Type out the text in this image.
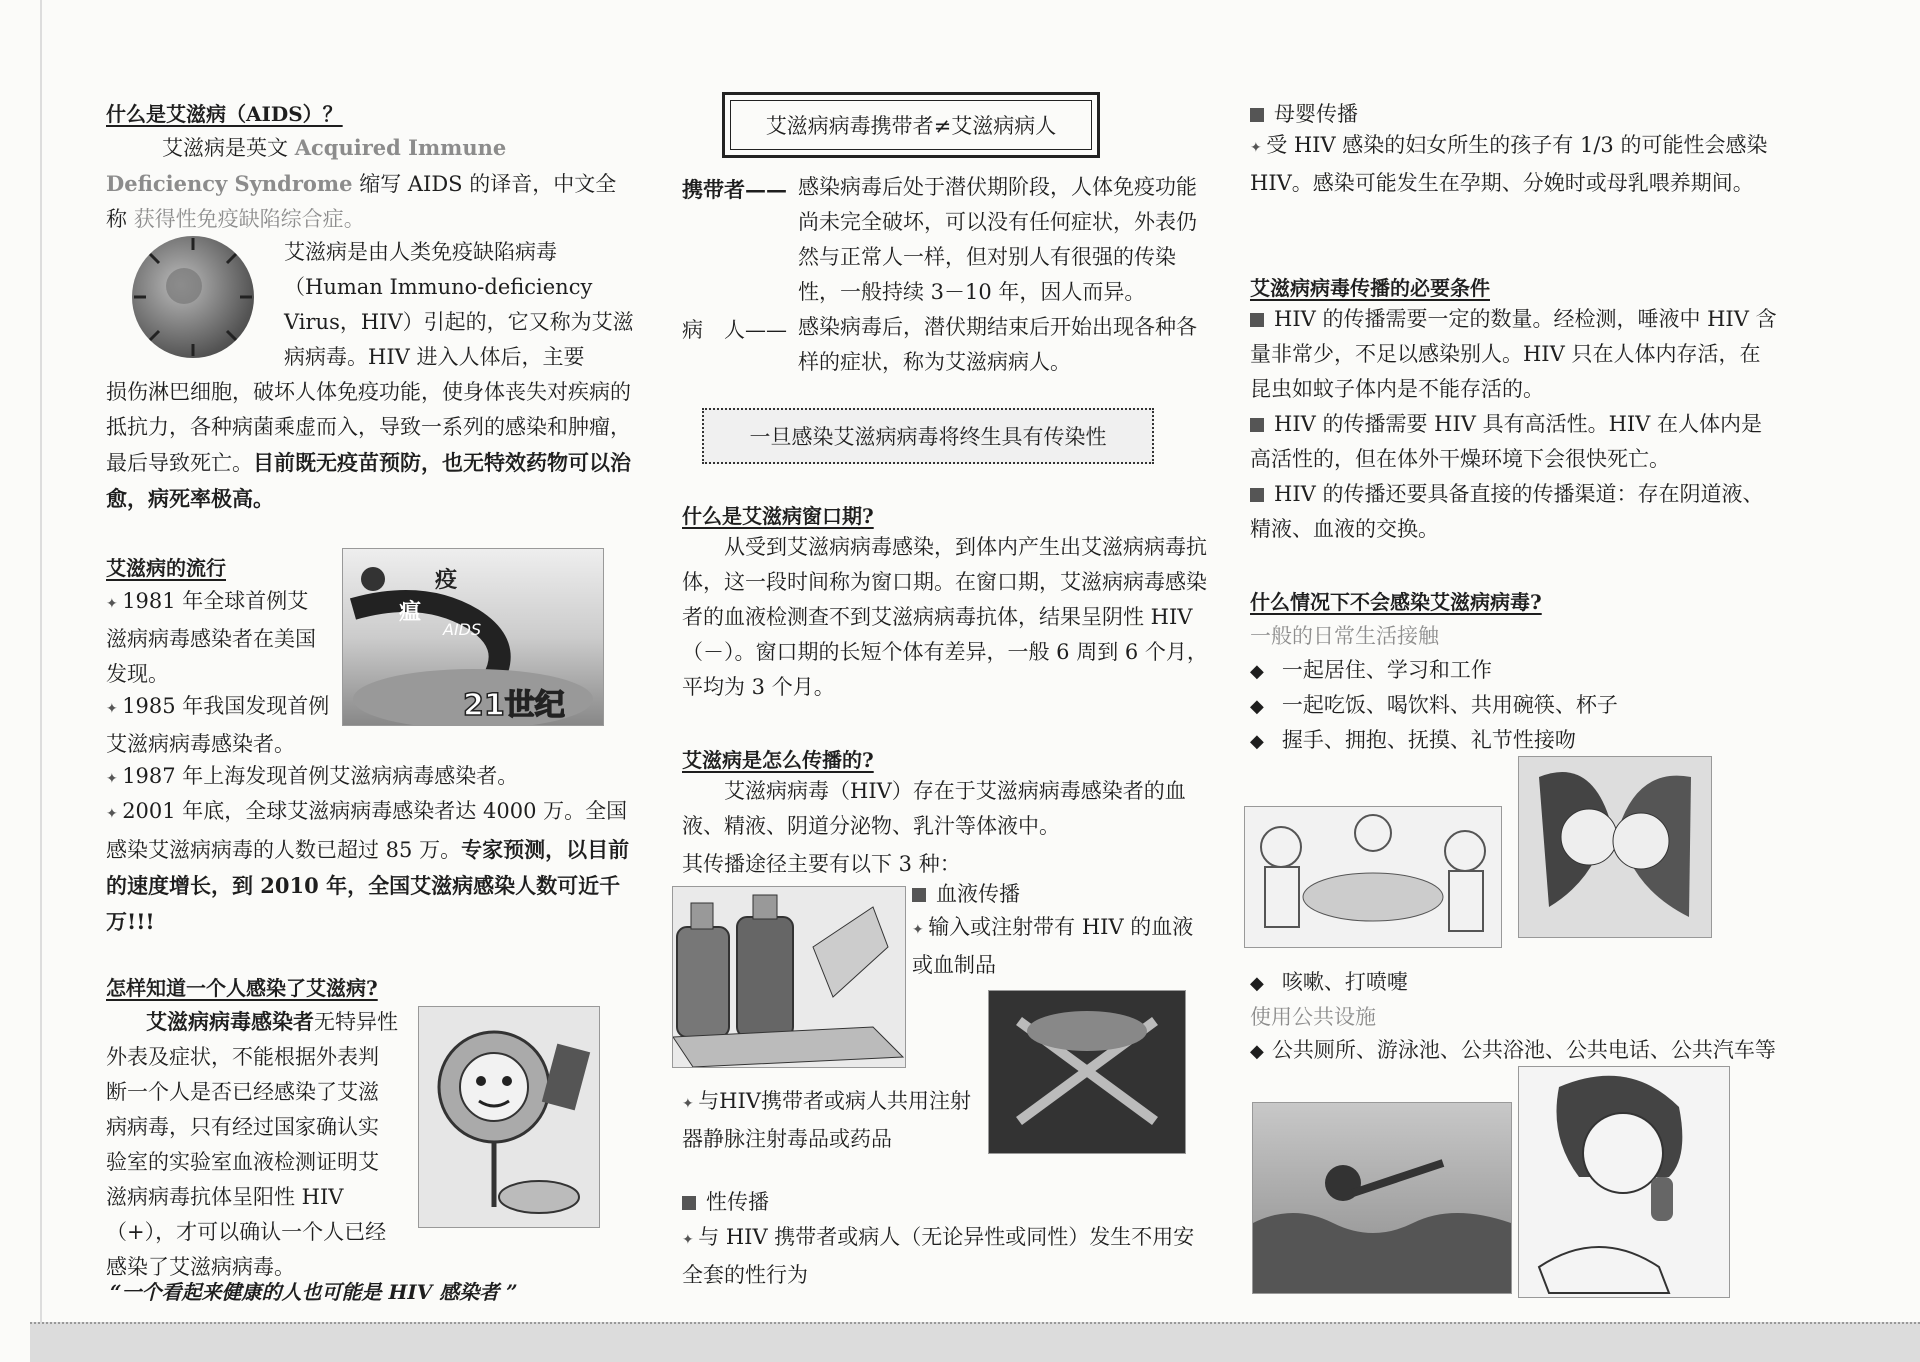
什么是艾滋病（AIDS）？

艾滋病是英文 Acquired Immune Deficiency Syndrome 缩写 AIDS 的译音，中文全称 获得性免疫缺陷综合症。

艾滋病是由人类免疫缺陷病毒（Human Immuno-deficiency Virus，HIV）引起的，它又称为艾滋病病毒。HIV 进入人体后，主要

损伤淋巴细胞，破坏人体免疫功能，使身体丧失对疾病的抵抗力，各种病菌乘虚而入，导致一系列的感染和肿瘤，最后导致死亡。目前既无疫苗预防，也无特效药物可以治愈，病死率极高。

艾滋病的流行

✦ 1981 年全球首例艾滋病病毒感染者在美国发现。

瘟
疫
AIDS
21世纪

✦ 1985 年我国发现首例艾滋病病毒感染者。

✦ 1987 年上海发现首例艾滋病病毒感染者。

✦ 2001 年底，全球艾滋病病毒感染者达 4000 万。全国感染艾滋病病毒的人数已超过 85 万。专家预测，以目前的速度增长，到 2010 年，全国艾滋病感染人数可近千万!!!

怎样知道一个人感染了艾滋病?

艾滋病病毒感染者无特异性外表及症状，不能根据外表判断一个人是否已经感染了艾滋病病毒，只有经过国家确认实验室的实验室血液检测证明艾滋病病毒抗体呈阳性 HIV（+），才可以确认一个人已经感染了艾滋病病毒。

“一个看起来健康的人也可能是 HIV 感染者 ”

艾滋病病毒携带者≠艾滋病病人

携带者—— 感染病毒后处于潜伏期阶段，人体免疫功能尚未完全破坏，可以没有任何症状，外表仍然与正常人一样，但对别人有很强的传染性，一般持续 3－10 年，因人而异。

病　人—— 感染病毒后，潜伏期结束后开始出现各种各样的症状，称为艾滋病病人。

一旦感染艾滋病病毒将终生具有传染性
什么是艾滋病窗口期?

从受到艾滋病病毒感染，到体内产生出艾滋病病毒抗体，这一段时间称为窗口期。在窗口期，艾滋病病毒感染者的血液检测查不到艾滋病病毒抗体，结果呈阴性 HIV（－）。窗口期的长短个体有差异，一般 6 周到 6 个月，平均为 3 个月。

艾滋病是怎么传播的?

艾滋病病毒（HIV）存在于艾滋病病毒感染者的血液、精液、阴道分泌物、乳汁等体液中。

其传播途径主要有以下 3 种：

血液传播

✦ 输入或注射带有 HIV 的血液或血制品

✦ 与HIV携带者或病人共用注射器静脉注射毒品或药品

性传播

✦ 与 HIV 携带者或病人（无论异性或同性）发生不用安全套的性行为

母婴传播

✦ 受 HIV 感染的妇女所生的孩子有 1/3 的可能性会感染 HIV。感染可能发生在孕期、分娩时或母乳喂养期间。

艾滋病病毒传播的必要条件

HIV 的传播需要一定的数量。经检测，唾液中 HIV 含量非常少，不足以感染别人。HIV 只在人体内存活，在昆虫如蚊子体内是不能存活的。

HIV 的传播需要 HIV 具有高活性。HIV 在人体内是高活性的，但在体外干燥环境下会很快死亡。

HIV 的传播还要具备直接的传播渠道：存在阴道液、精液、血液的交换。

什么情况下不会感染艾滋病病毒?

一般的日常生活接触

◆ 一起居住、学习和工作

◆ 一起吃饭、喝饮料、共用碗筷、杯子

◆ 握手、拥抱、抚摸、礼节性接吻

◆ 咳嗽、打喷嚏

使用公共设施

◆ 公共厕所、游泳池、公共浴池、公共电话、公共汽车等
